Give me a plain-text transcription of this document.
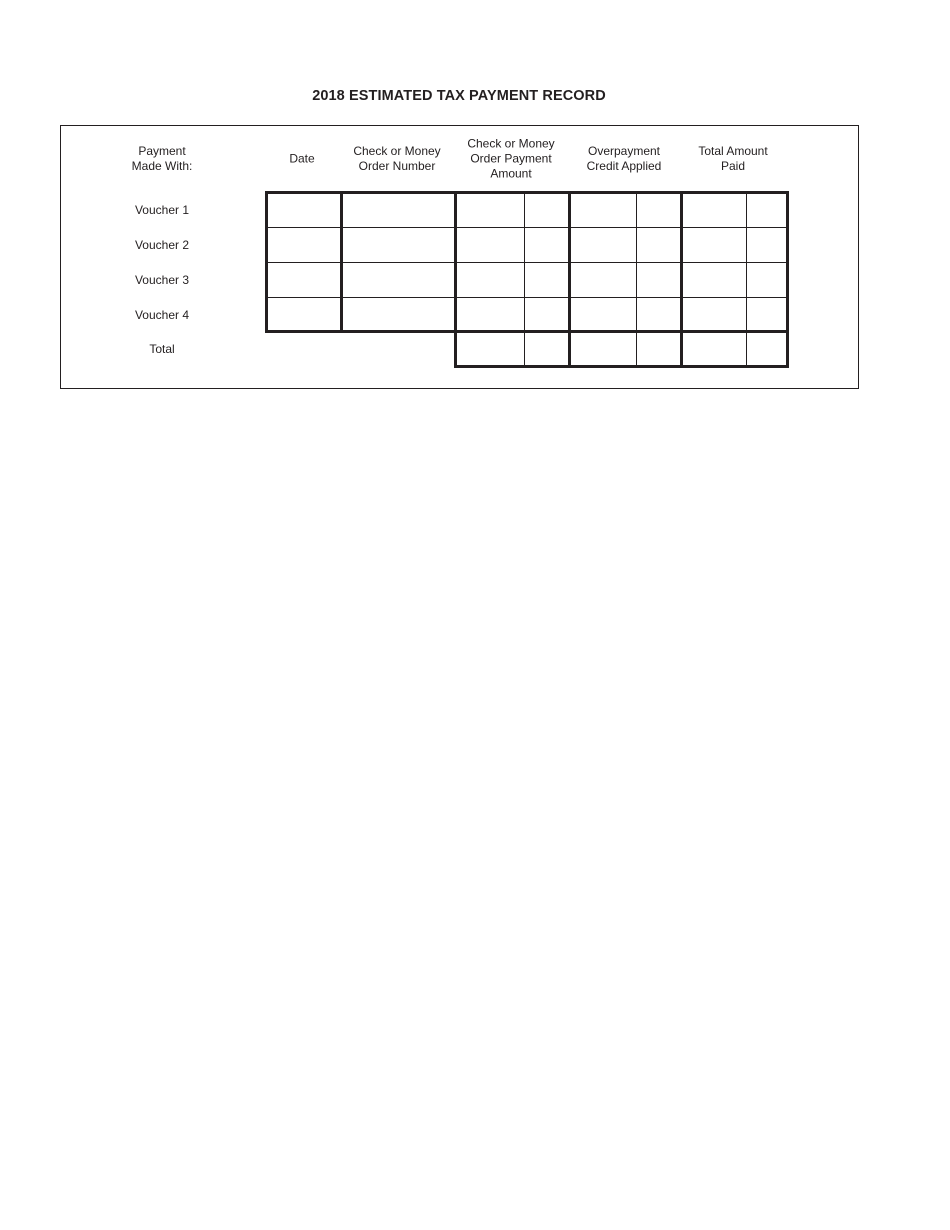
2018 ESTIMATED TAX PAYMENT RECORD
Payment
Made With:
Date
Check or Money
Order Number
Check or Money
Order Payment
Amount
Overpayment
Credit Applied
Total Amount
Paid
Voucher 1
Voucher 2
Voucher 3
Voucher 4
Total
